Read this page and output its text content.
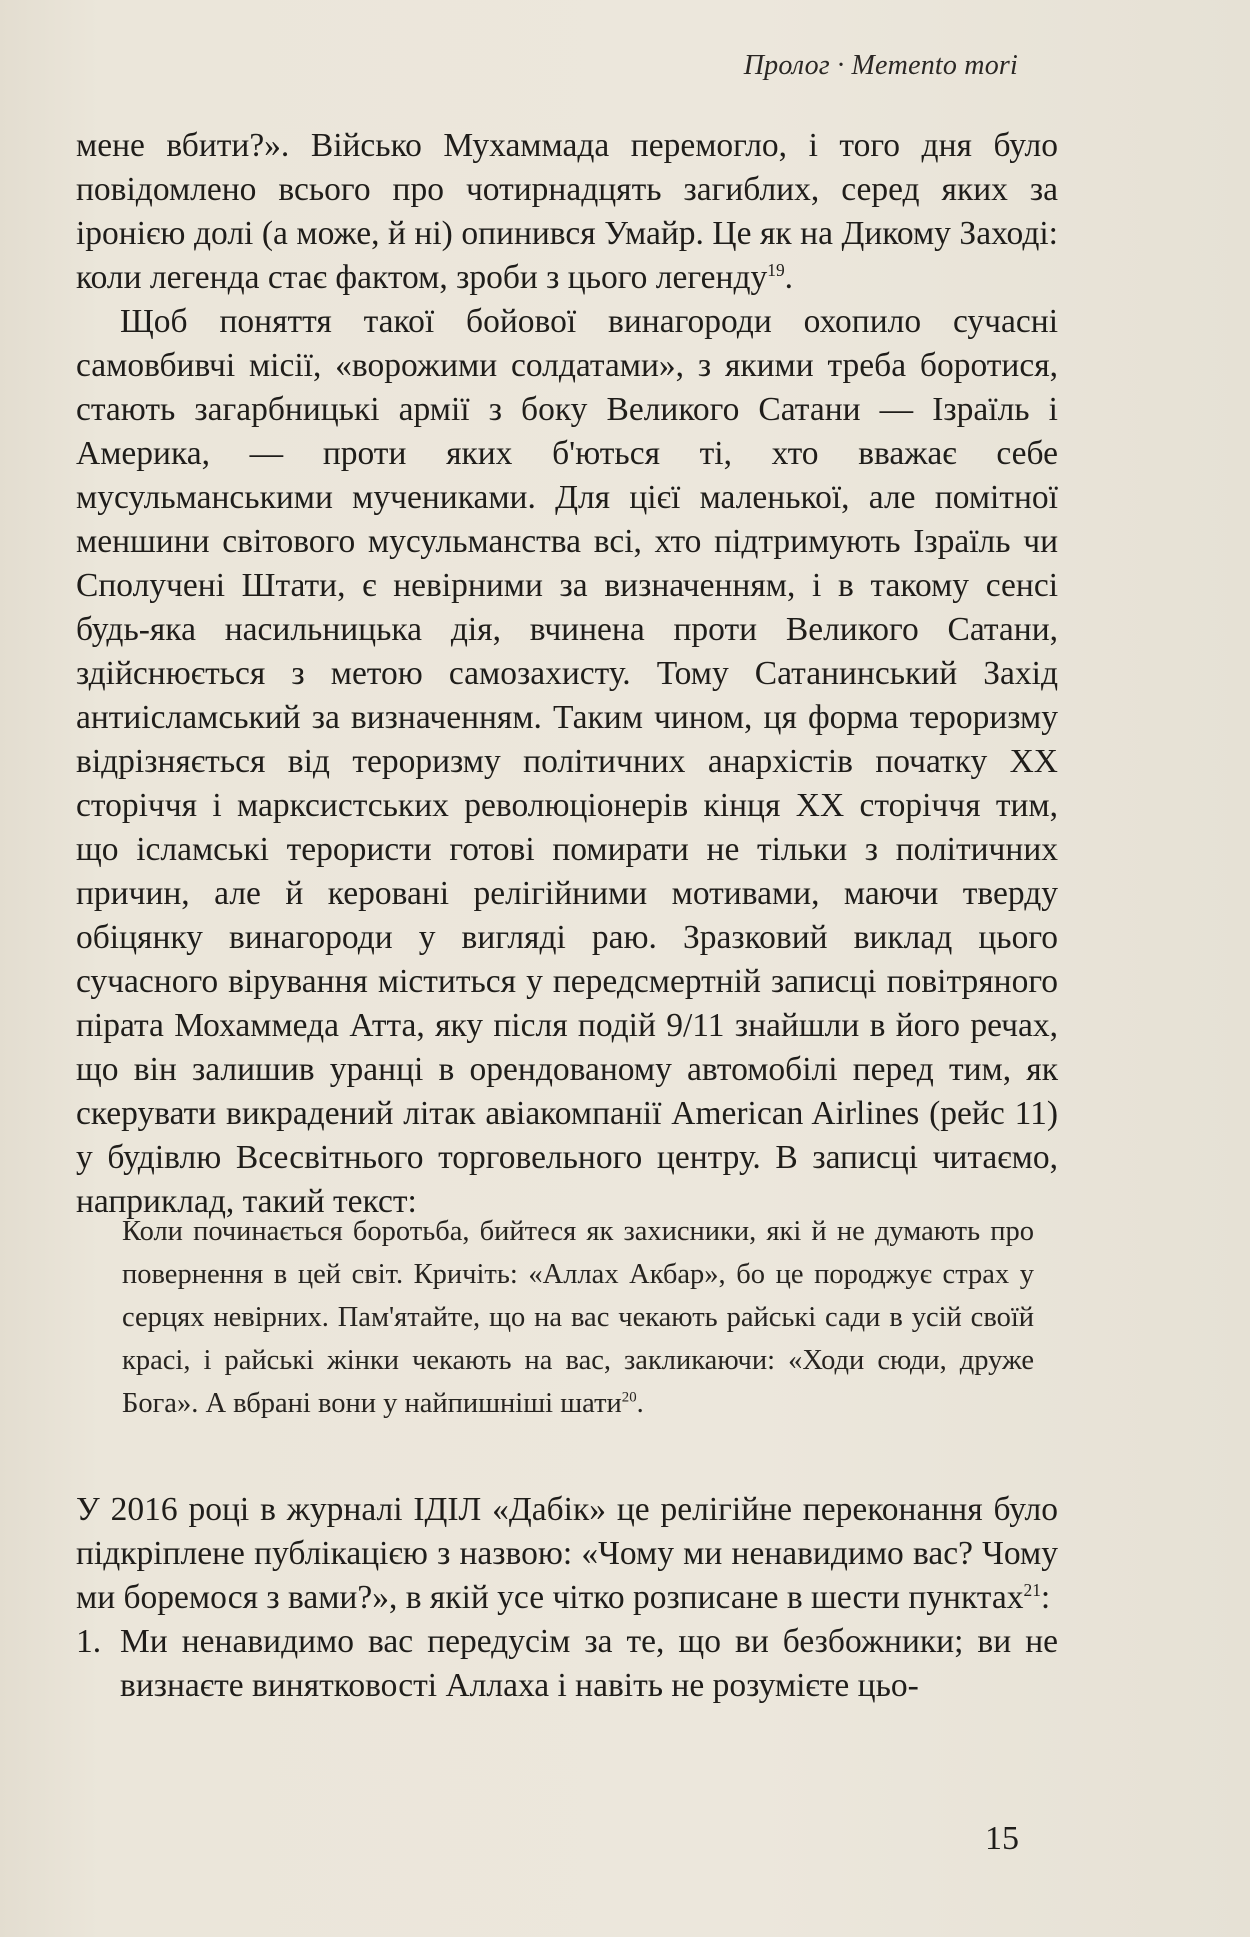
Пролог · Memento mori

мене вбити?». Військо Мухаммада перемогло, і того дня було повідомлено всього про чотирнадцять загиблих, серед яких за іронією долі (а може, й ні) опинився Умайр. Це як на Дикому Заході: коли легенда стає фактом, зроби з цього легенду$^{19}$.

Щоб поняття такої бойової винагороди охопило сучасні самовбивчі місії, «ворожими солдатами», з якими треба боротися, стають загарбницькі армії з боку Великого Сатани — Ізраїль і Америка, — проти яких б'ються ті, хто вважає себе мусульманськими мучениками. Для цієї маленької, але помітної меншини світового мусульманства всі, хто підтримують Ізраїль чи Сполучені Штати, є невірними за визначенням, і в такому сенсі будь-яка насильницька дія, вчинена проти Великого Сатани, здійснюється з метою самозахисту. Тому Сатанинський Захід антиісламський за визначенням. Таким чином, ця форма тероризму відрізняється від тероризму політичних анархістів початку XX сторіччя і марксистських революціонерів кінця XX сторіччя тим, що ісламські терористи готові помирати не тільки з політичних причин, але й керовані релігійними мотивами, маючи тверду обіцянку винагороди у вигляді раю. Зразковий виклад цього сучасного вірування міститься у передсмертній записці повітряного пірата Мохаммеда Атта, яку після подій 9/11 знайшли в його речах, що він залишив уранці в орендованому автомобілі перед тим, як скерувати викрадений літак авіакомпанії American Airlines (рейс 11) у будівлю Всесвітнього торговельного центру. В записці читаємо, наприклад, такий текст:

Коли починається боротьба, бийтеся як захисники, які й не думають про повернення в цей світ. Кричіть: «Аллах Акбар», бо це породжує страх у серцях невірних. Пам'ятайте, що на вас чекають райські сади в усій своїй красі, і райські жінки чекають на вас, закликаючи: «Ходи сюди, друже Бога». А вбрані вони у найпишніші шати$^{20}$.

У 2016 році в журналі ІДІЛ «Дабік» це релігійне переконання було підкріплене публікацією з назвою: «Чому ми ненавидимо вас? Чому ми боремося з вами?», в якій усе чітко розписане в шести пунктах$^{21}$:

1. Ми ненавидимо вас передусім за те, що ви безбожники; ви не визнаєте винятковості Аллаха і навіть не розумієте цьо-
15
